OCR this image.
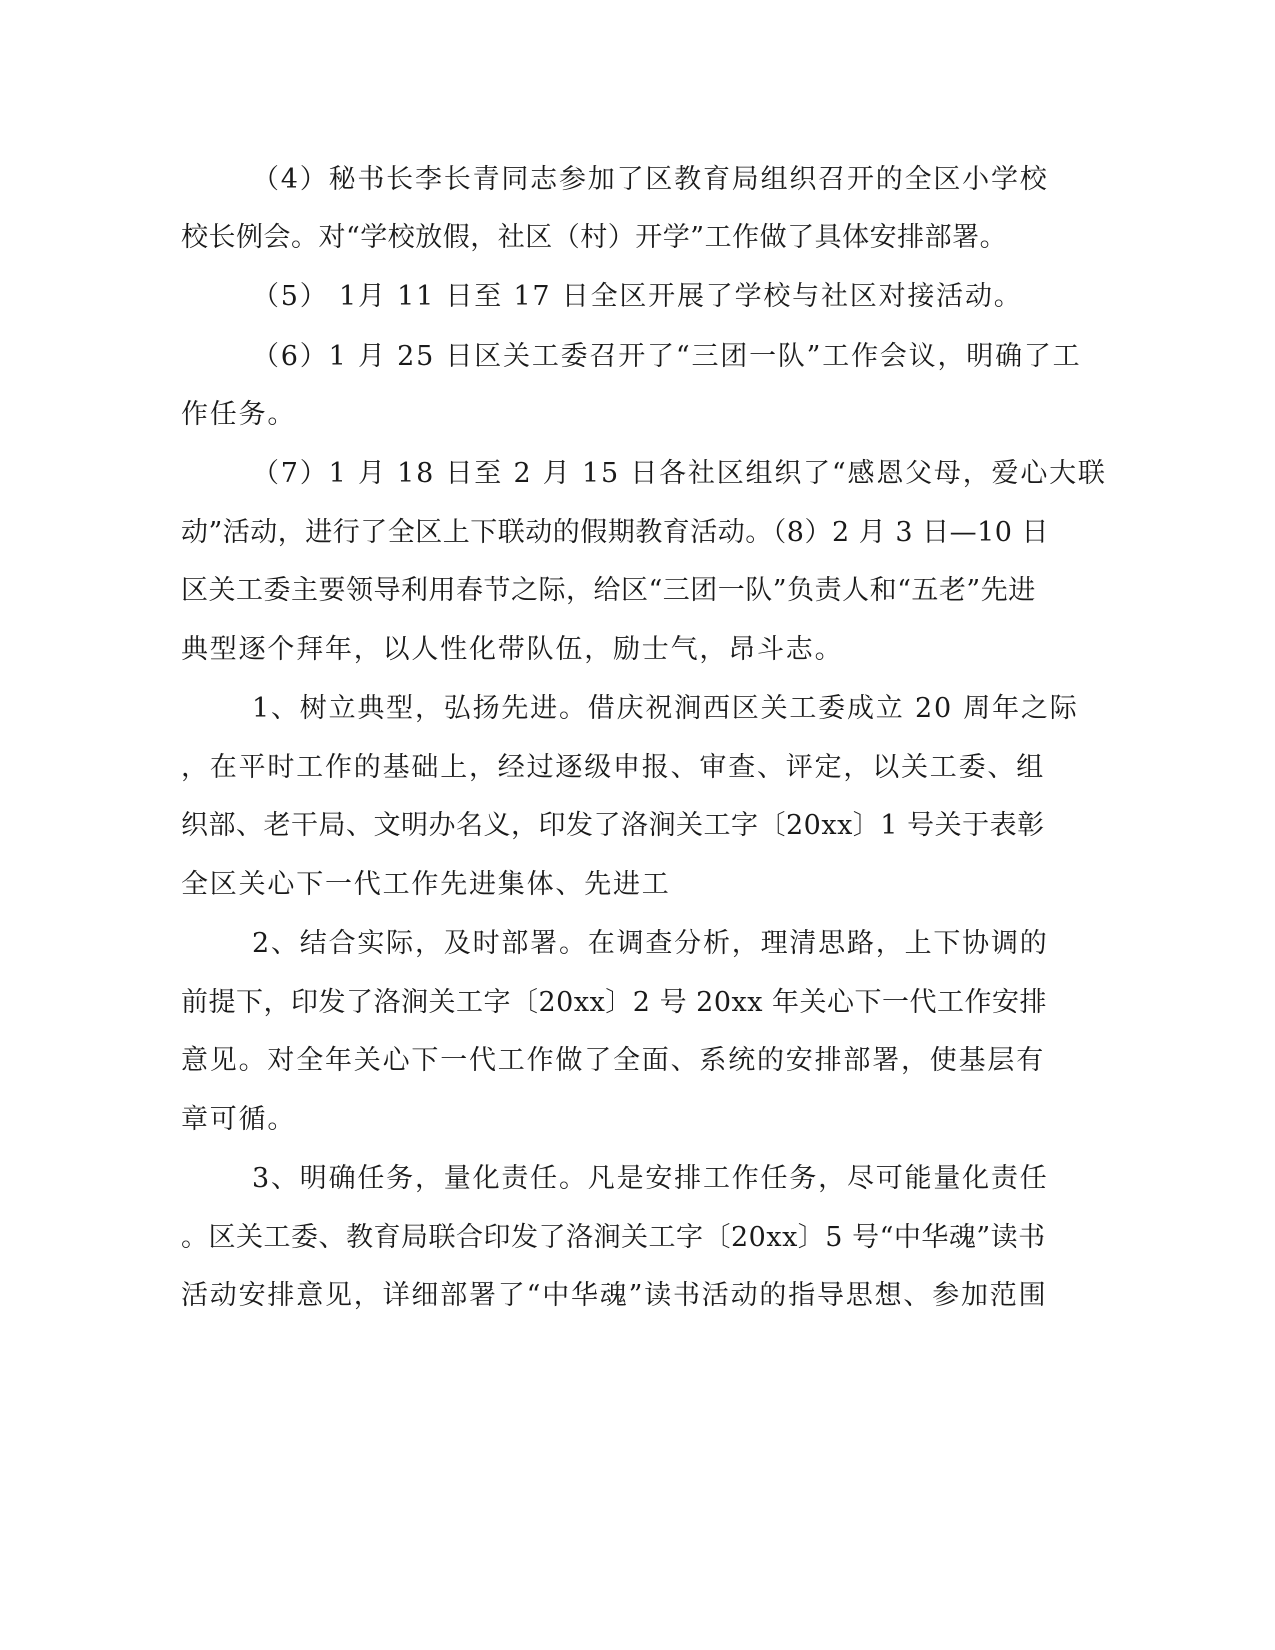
（4）秘书长李长青同志参加了区教育局组织召开的全区小学校

校长例会。对“学校放假，社区（村）开学”工作做了具体安排部署。

（5） 1月 11 日至 17 日全区开展了学校与社区对接活动。

（6）1 月 25 日区关工委召开了“三团一队”工作会议，明确了工

作任务。

（7）1 月 18 日至 2 月 15 日各社区组织了“感恩父母，爱心大联

动”活动，进行了全区上下联动的假期教育活动。（8）2 月 3 日—10 日

区关工委主要领导利用春节之际，给区“三团一队”负责人和“五老”先进

典型逐个拜年，以人性化带队伍，励士气，昂斗志。

1、树立典型，弘扬先进。借庆祝涧西区关工委成立 20 周年之际

，在平时工作的基础上，经过逐级申报、审查、评定，以关工委、组

织部、老干局、文明办名义，印发了洛涧关工字〔20xx〕1 号关于表彰

全区关心下一代工作先进集体、先进工

2、结合实际，及时部署。在调查分析，理清思路，上下协调的

前提下，印发了洛涧关工字〔20xx〕2 号 20xx 年关心下一代工作安排

意见。对全年关心下一代工作做了全面、系统的安排部署，使基层有

章可循。

3、明确任务，量化责任。凡是安排工作任务，尽可能量化责任

。区关工委、教育局联合印发了洛涧关工字〔20xx〕5 号“中华魂”读书

活动安排意见，详细部署了“中华魂”读书活动的指导思想、参加范围
